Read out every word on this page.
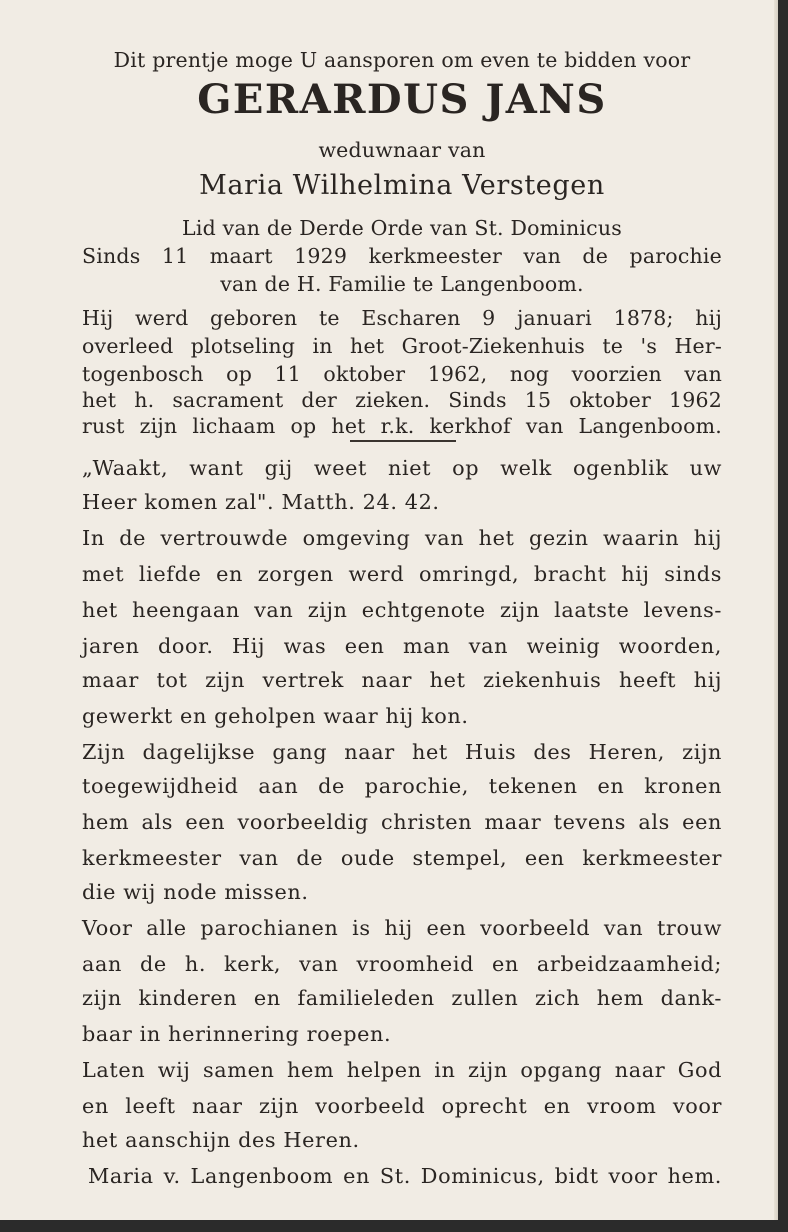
Dit prentje moge U aansporen om even te bidden voor
GERARDUS JANS
weduwnaar van
Maria Wilhelmina Verstegen
Lid van de Derde Orde van St. Dominicus
Sinds 11 maart 1929 kerkmeester van de parochie
van de H. Familie te Langenboom.
Hij werd geboren te Escharen 9 januari 1878; hij
overleed plotseling in het Groot-Ziekenhuis te 's Her-
togenbosch op 11 oktober 1962, nog voorzien van
het h. sacrament der zieken. Sinds 15 oktober 1962
rust zijn lichaam op het r.k. kerkhof van Langenboom.
„Waakt, want gij weet niet op welk ogenblik uw
Heer komen zal". Matth. 24. 42.
In de vertrouwde omgeving van het gezin waarin hij
met liefde en zorgen werd omringd, bracht hij sinds
het heengaan van zijn echtgenote zijn laatste levens-
jaren door. Hij was een man van weinig woorden,
maar tot zijn vertrek naar het ziekenhuis heeft hij
gewerkt en geholpen waar hij kon.
Zijn dagelijkse gang naar het Huis des Heren, zijn
toegewijdheid aan de parochie, tekenen en kronen
hem als een voorbeeldig christen maar tevens als een
kerkmeester van de oude stempel, een kerkmeester
die wij node missen.
Voor alle parochianen is hij een voorbeeld van trouw
aan de h. kerk, van vroomheid en arbeidzaamheid;
zijn kinderen en familieleden zullen zich hem dank-
baar in herinnering roepen.
Laten wij samen hem helpen in zijn opgang naar God
en leeft naar zijn voorbeeld oprecht en vroom voor
het aanschijn des Heren.
Maria v. Langenboom en St. Dominicus, bidt voor hem.
